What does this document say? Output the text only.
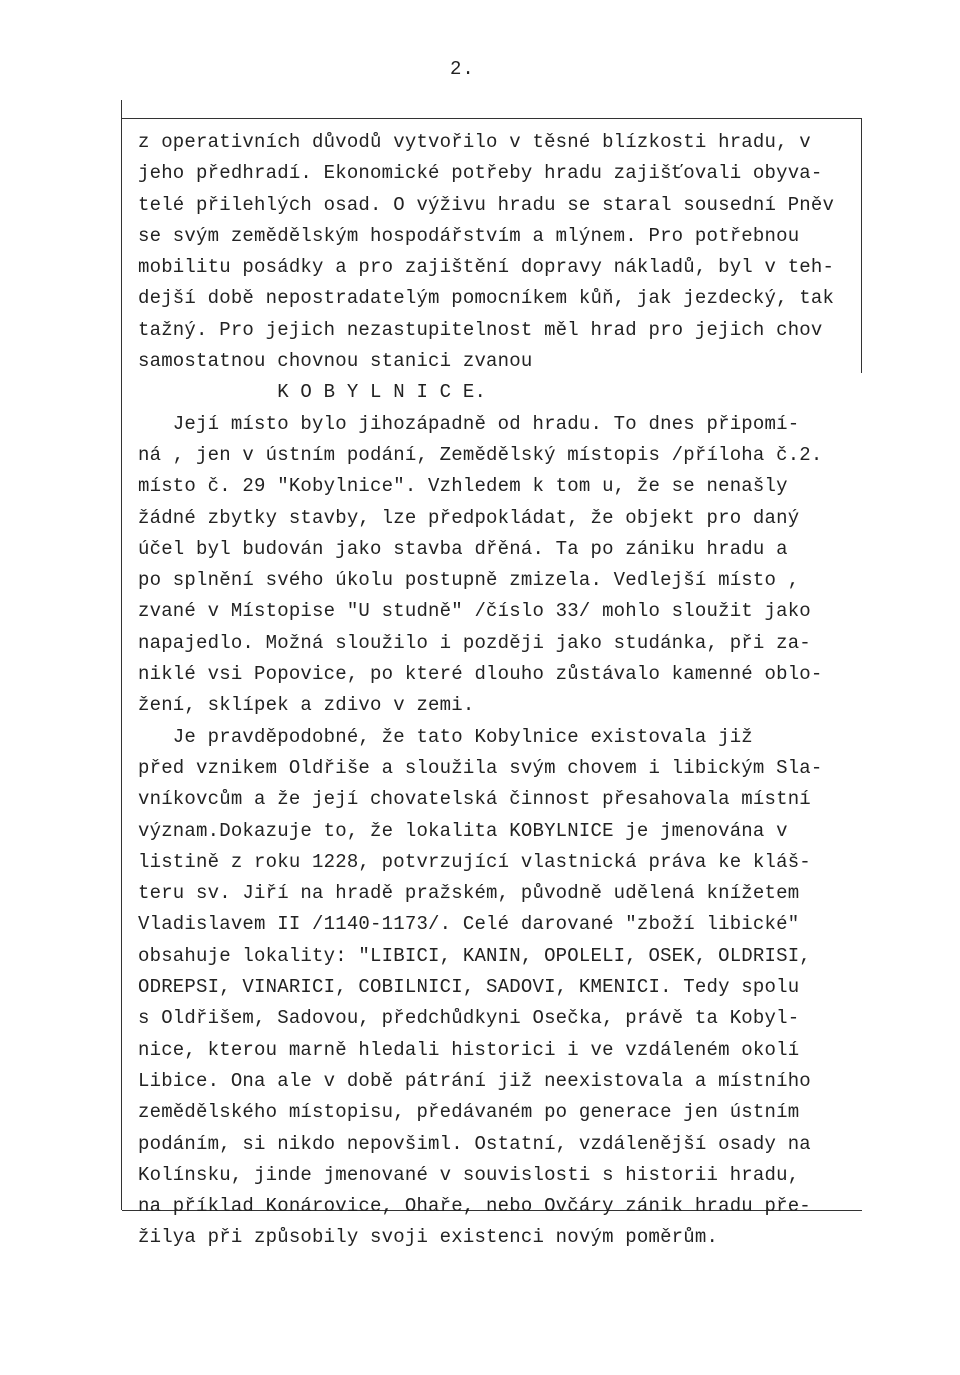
2.
z operativních důvodů vytvořilo v těsné blízkosti hradu, v
jeho předhradí. Ekonomické potřeby hradu zajišťovali obyva-
telé přilehlých osad. O výživu hradu se staral sousední Pněv
se svým zemědělským hospodářstvím a mlýnem. Pro potřebnou
mobilitu posádky a pro zajištění dopravy nákladů, byl v teh-
dejší době nepostradatelým pomocníkem kůň, jak jezdecký, tak
tažný. Pro jejich nezastupitelnost měl hrad pro jejich chov
samostatnou chovnou stanici zvanou
K O B Y L N I C E.
Její místo bylo jihozápadně od hradu. To dnes připomí-
ná , jen v ústním podání, Zemědělský místopis /příloha č.2.
místo č. 29 "Kobylnice". Vzhledem k tom u, že se nenašly
žádné zbytky stavby, lze předpokládat, že objekt pro daný
účel byl budován jako stavba dřěná. Ta po zániku hradu a
po splnění svého úkolu postupně zmizela. Vedlejší místo ,
zvané v Místopise "U studně" /číslo 33/ mohlo sloužit jako
napajedlo. Možná sloužilo i později jako studánka, při za-
niklé vsi Popovice, po které dlouho zůstávalo kamenné oblo-
žení, sklípek a zdivo v zemi.
Je pravděpodobné, že tato Kobylnice existovala již
před vznikem Oldřiše a sloužila svým chovem i libickým Sla-
vníkovcům a že její chovatelská činnost přesahovala místní
význam.Dokazuje to, že lokalita KOBYLNICE je jmenována v
listině z roku 1228, potvrzující vlastnická práva ke kláš-
teru sv. Jiří na hradě pražském, původně udělená knížetem
Vladislavem II /1140-1173/. Celé darované "zboží libické"
obsahuje lokality: "LIBICI, KANIN, OPOLELI, OSEK, OLDRISI,
ODREPSI, VINARICI, COBILNICI, SADOVI, KMENICI. Tedy spolu
s Oldřišem, Sadovou, předchůdkyni Osečka, právě ta Kobyl-
nice, kterou marně hledali historici i ve vzdáleném okolí
Libice. Ona ale v době pátrání již neexistovala a místního
zemědělského místopisu, předávaném po generace jen ústním
podáním, si nikdo nepovšiml. Ostatní, vzdálenější osady na
Kolínsku, jinde jmenované v souvislosti s historii hradu,
na příklad Konárovice, Ohaře, nebo Ovčáry zánik hradu pře-
žilya při způsobily svoji existenci novým poměrům.
